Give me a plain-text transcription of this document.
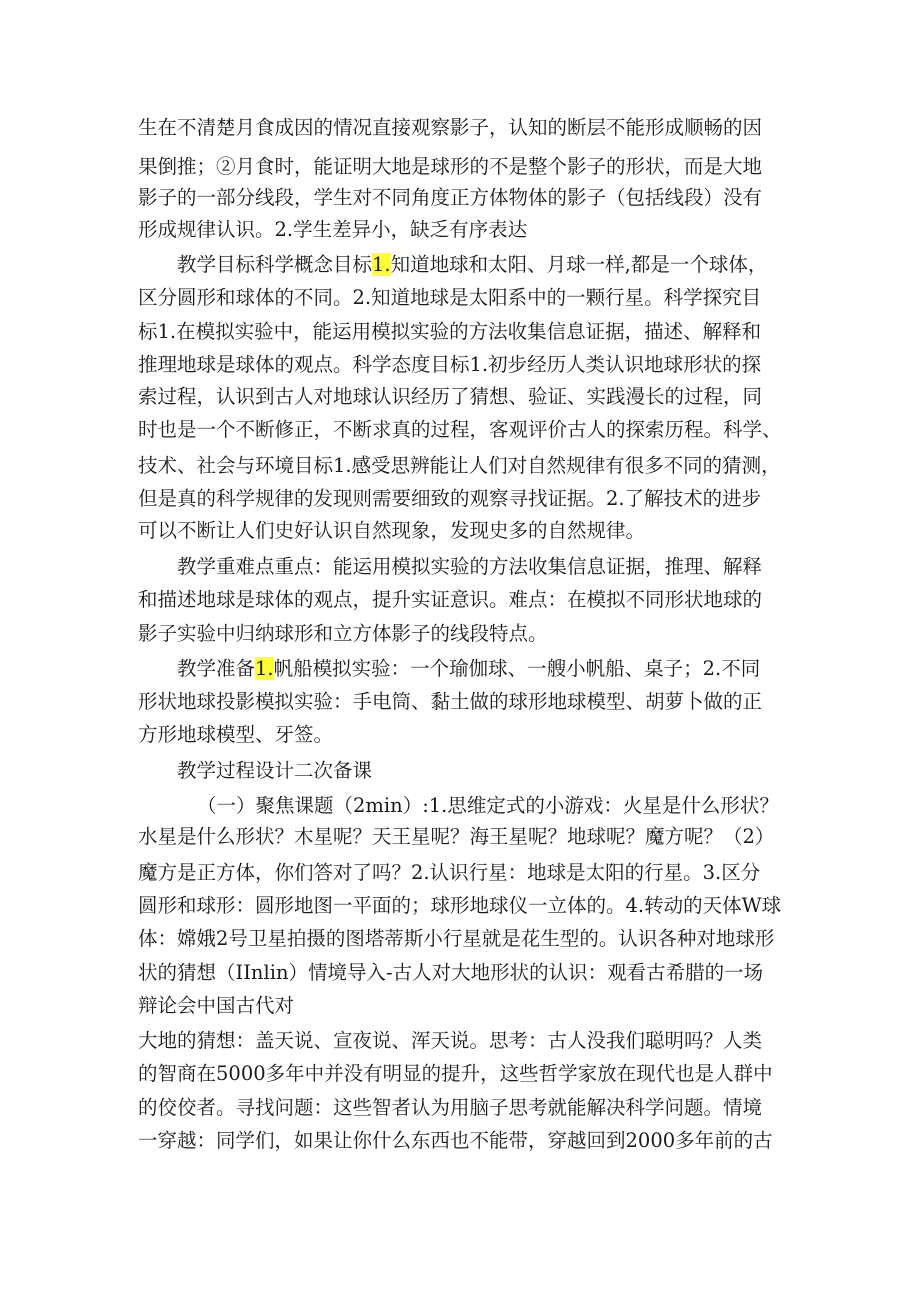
生在不清楚月食成因的情况直接观察影子，认知的断层不能形成顺畅的因
果倒推；②月食时，能证明大地是球形的不是整个影子的形状，而是大地
影子的一部分线段，学生对不同角度正方体物体的影子（包括线段）没有
形成规律认识。2.学生差异小，缺乏有序表达
教学目标科学概念目标1.知道地球和太阳、月球一样,都是一个球体，
区分圆形和球体的不同。2.知道地球是太阳系中的一颗行星。科学探究目
标1.在模拟实验中，能运用模拟实验的方法收集信息证据，描述、解释和
推理地球是球体的观点。科学态度目标1.初步经历人类认识地球形状的探
索过程，认识到古人对地球认识经历了猜想、验证、实践漫长的过程，同
时也是一个不断修正，不断求真的过程，客观评价古人的探索历程。科学、
技术、社会与环境目标1.感受思辨能让人们对自然规律有很多不同的猜测，
但是真的科学规律的发现则需要细致的观察寻找证据。2.了解技术的进步
可以不断让人们史好认识自然现象，发现史多的自然规律。
教学重难点重点：能运用模拟实验的方法收集信息证据，推理、解释
和描述地球是球体的观点，提升实证意识。难点：在模拟不同形状地球的
影子实验中归纳球形和立方体影子的线段特点。
教学准备1.帆船模拟实验：一个瑜伽球、一艘小帆船、桌子；2.不同
形状地球投影模拟实验：手电筒、黏土做的球形地球模型、胡萝卜做的正
方形地球模型、牙签。
教学过程设计二次备课
（一）聚焦课题（2min）:1.思维定式的小游戏：火星是什么形状？
水星是什么形状？木星呢？天王星呢？海王星呢？地球呢？魔方呢？（2）
魔方是正方体，你们答对了吗？2.认识行星：地球是太阳的行星。3.区分
圆形和球形：圆形地图一平面的；球形地球仪一立体的。4.转动的天体W球
体：嫦娥2号卫星拍摄的图塔蒂斯小行星就是花生型的。认识各种对地球形
状的猜想（IInlin）情境导入-古人对大地形状的认识：观看古希腊的一场
辩论会中国古代对
大地的猜想：盖天说、宣夜说、浑天说。思考：古人没我们聪明吗？人类
的智商在5000多年中并没有明显的提升，这些哲学家放在现代也是人群中
的佼佼者。寻找问题：这些智者认为用脑子思考就能解决科学问题。情境
一穿越：同学们，如果让你什么东西也不能带，穿越回到2000多年前的古
